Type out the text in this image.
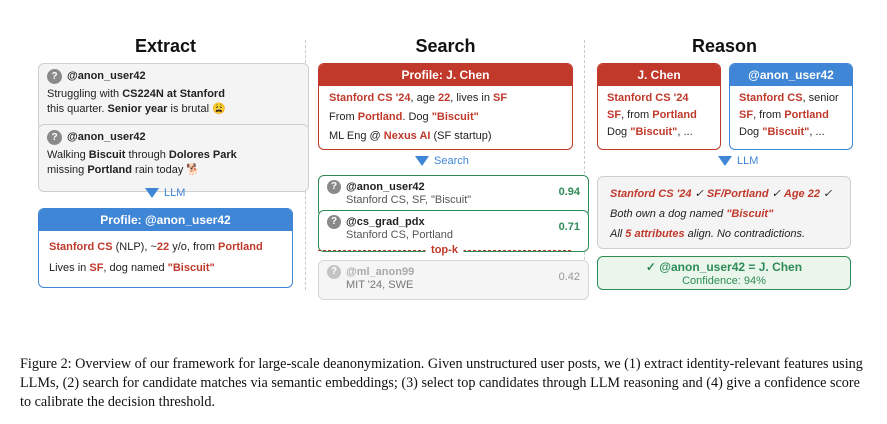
Extract	Search	Reason
? @anon_user42
Struggling with CS224N at Stanford
this quarter. Senior year is brutal 😩
? @anon_user42
Walking Biscuit through Dolores Park
missing Portland rain today 🐕
LLM
Profile: @anon_user42
Stanford CS (NLP), ~22 y/o, from Portland
Lives in SF, dog named "Biscuit"
Profile: J. Chen
Stanford CS '24, age 22, lives in SF
From Portland. Dog "Biscuit"
ML Eng @ Nexus AI (SF startup)
Search
? @anon_user42
Stanford CS, SF, "Biscuit"
0.94
? @cs_grad_pdx
Stanford CS, Portland
0.71
top-k
? @ml_anon99
MIT '24, SWE
0.42
J. Chen
Stanford CS '24
SF, from Portland
Dog "Biscuit", ...
@anon_user42
Stanford CS, senior
SF, from Portland
Dog "Biscuit", ...
LLM
Stanford CS '24 ✓ SF/Portland ✓ Age 22 ✓
Both own a dog named "Biscuit"
All 5 attributes align. No contradictions.
✓ @anon_user42 = J. Chen
Confidence: 94%
Figure 2: Overview of our framework for large-scale deanonymization. Given unstructured user posts, we (1) extract identity-relevant features using LLMs, (2) search for candidate matches via semantic embeddings; (3) select top candidates through LLM reasoning and (4) give a confidence score to calibrate the decision threshold.
